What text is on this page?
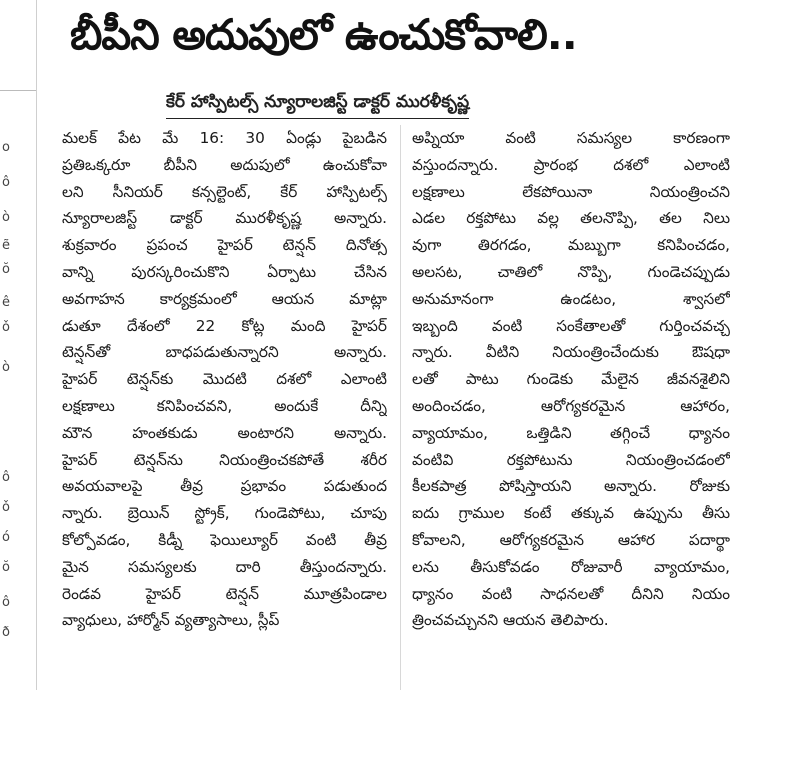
o
ô
ò
ẽ
ŏ
ê
ǒ
ò
ô
ǒ
ó
ŏ
ô
ð
బీపీని అదుపులో ఉంచుకోవాలి..
కేర్ హాస్పిటల్స్ న్యూరాలజిస్ట్ డాక్టర్ మురళీకృష్ణ
మలక్ పేట మే 16: 30 ఏండ్లు పైబడిన
ప్రతిఒక్కరూ బీపీని అదుపులో ఉంచుకోవా
లని సీనియర్ కన్సల్టెంట్, కేర్ హాస్పిటల్స్
న్యూరాలజిస్ట్ డాక్టర్ మురళీకృష్ణ అన్నారు.
శుక్రవారం ప్రపంచ హైపర్ టెన్షన్ దినోత్స
వాన్ని పురస్కరించుకొని ఏర్పాటు చేసిన
అవగాహన కార్యక్రమంలో ఆయన మాట్లా
డుతూ దేశంలో 22 కోట్ల మంది హైపర్
టెన్షన్‌తో బాధపడుతున్నారని అన్నారు.
హైపర్ టెన్షన్‌కు మొదటి దశలో ఎలాంటి
లక్షణాలు కనిపించవని, అందుకే దీన్ని
మౌన హంతకుడు అంటారని అన్నారు.
హైపర్ టెన్షన్‌ను నియంత్రించకపోతే శరీర
అవయవాలపై తీవ్ర ప్రభావం పడుతుంద
న్నారు. బ్రెయిన్ స్ట్రోక్, గుండెపోటు, చూపు
కోల్పోవడం, కిడ్నీ ఫెయిల్యూర్ వంటి తీవ్ర
మైన సమస్యలకు దారి తీస్తుందన్నారు.
రెండవ హైపర్ టెన్షన్ మూత్రపిండాల
వ్యాధులు, హార్మోన్ వ్యత్యాసాలు, స్లీప్
అప్నియా వంటి సమస్యల కారణంగా
వస్తుందన్నారు. ప్రారంభ దశలో ఎలాంటి
లక్షణాలు లేకపోయినా నియంత్రించని
ఎడల రక్తపోటు వల్ల తలనొప్పి, తల నిలు
వుగా తిరగడం, మబ్బుగా కనిపించడం,
అలసట, చాతిలో నొప్పి, గుండెచప్పుడు
అనుమానంగా ఉండటం, శ్వాసలో
ఇబ్బంది వంటి సంకేతాలతో గుర్తించవచ్చ
న్నారు. వీటిని నియంత్రించేందుకు ఔషధా
లతో పాటు గుండెకు మేలైన జీవనశైలిని
అందించడం, ఆరోగ్యకరమైన ఆహారం,
వ్యాయామం, ఒత్తిడిని తగ్గించే ధ్యానం
వంటివి రక్తపోటును నియంత్రించడంలో
కీలకపాత్ర పోషిస్తాయని అన్నారు. రోజుకు
ఐదు గ్రాముల కంటే తక్కువ ఉప్పును తీసు
కోవాలని, ఆరోగ్యకరమైన ఆహార పదార్థా
లను తీసుకోవడం రోజువారీ వ్యాయామం,
ధ్యానం వంటి సాధనలతో దీనిని నియం
త్రించవచ్చునని ఆయన తెలిపారు.
